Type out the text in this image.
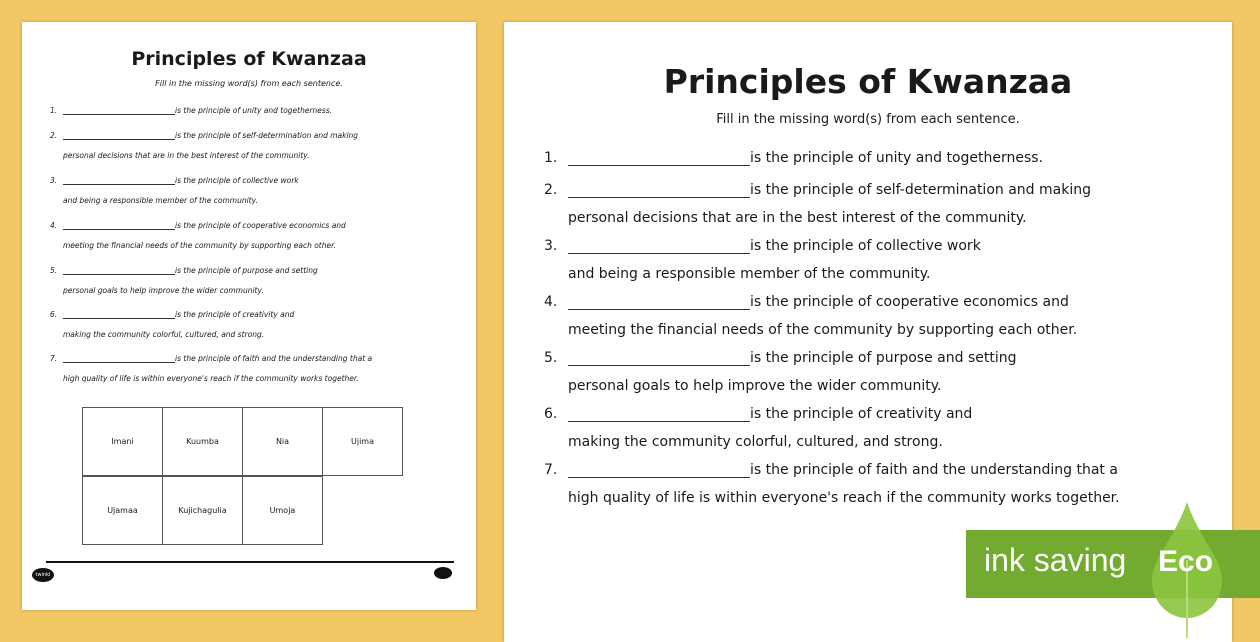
Principles of Kwanzaa
Fill in the missing word(s) from each sentence.
1.	is the principle of unity and togetherness.
2.	is the principle of self-determination and making
personal decisions that are in the best interest of the community.
3.	is the principle of collective work
and being a responsible member of the community.
4.	is the principle of cooperative economics and
meeting the financial needs of the community by supporting each other.
5.	is the principle of purpose and setting
personal goals to help improve the wider community.
6.	is the principle of creativity and
making the community colorful, cultured, and strong.
7.	is the principle of faith and the understanding that a
high quality of life is within everyone's reach if the community works together.
Imani	Kuumba	Nia	Ujima
Ujamaa	Kujichagulia	Umoja
twinkl
Principles of Kwanzaa
Fill in the missing word(s) from each sentence.
1.	is the principle of unity and togetherness.
2.	is the principle of self-determination and making
personal decisions that are in the best interest of the community.
3.	is the principle of collective work
and being a responsible member of the community.
4.	is the principle of cooperative economics and
meeting the financial needs of the community by supporting each other.
5.	is the principle of purpose and setting
personal goals to help improve the wider community.
6.	is the principle of creativity and
making the community colorful, cultured, and strong.
7.	is the principle of faith and the understanding that a
high quality of life is within everyone's reach if the community works together.
ink saving Eco
